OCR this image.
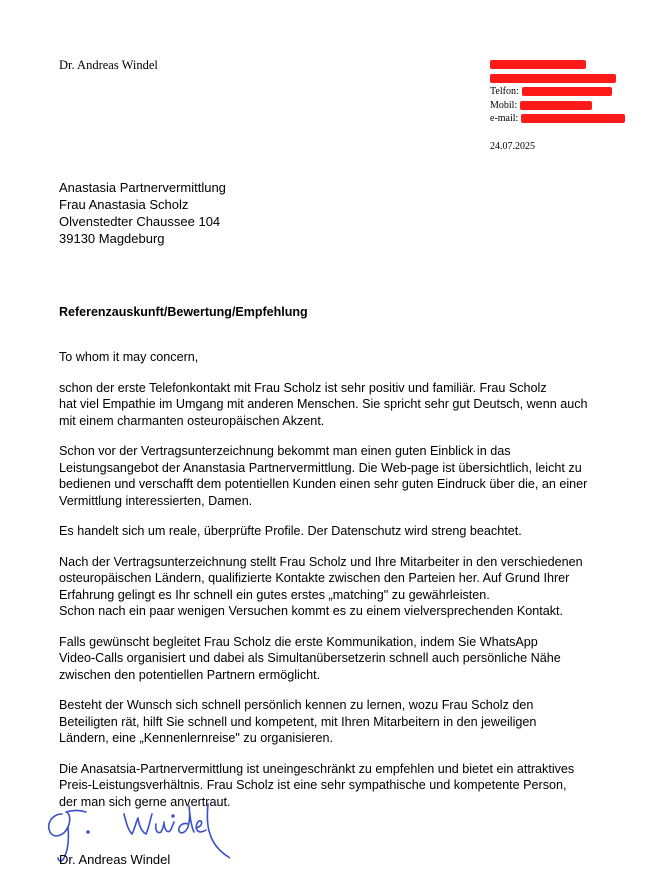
Dr. Andreas Windel
Telfon:
Mobil:
e-mail:
24.07.2025
Anastasia Partnervermittlung
Frau Anastasia Scholz
Olvenstedter Chaussee 104
39130 Magdeburg
Referenzauskunft/Bewertung/Empfehlung

To whom it may concern,

schon der erste Telefonkontakt mit Frau Scholz ist sehr positiv und familiär. Frau Scholz

hat viel Empathie im Umgang mit anderen Menschen. Sie spricht sehr gut Deutsch, wenn auch

mit einem charmanten osteuropäischen Akzent.

Schon vor der Vertragsunterzeichnung bekommt man einen guten Einblick in das

Leistungsangebot der Ananstasia Partnervermittlung. Die Web-page ist übersichtlich, leicht zu

bedienen und verschafft dem potentiellen Kunden einen sehr guten Eindruck über die, an einer

Vermittlung interessierten, Damen.

Es handelt sich um reale, überprüfte Profile. Der Datenschutz wird streng beachtet.

Nach der Vertragsunterzeichnung stellt Frau Scholz und Ihre Mitarbeiter in den verschiedenen

osteuropäischen Ländern, qualifizierte Kontakte zwischen den Parteien her. Auf Grund Ihrer

Erfahrung gelingt es Ihr schnell ein gutes erstes „matching" zu gewährleisten.

Schon nach ein paar wenigen Versuchen kommt es zu einem vielversprechenden Kontakt.

Falls gewünscht begleitet Frau Scholz die erste Kommunikation, indem Sie WhatsApp

Video-Calls organisiert und dabei als Simultanübersetzerin schnell auch persönliche Nähe

zwischen den potentiellen Partnern ermöglicht.

Besteht der Wunsch sich schnell persönlich kennen zu lernen, wozu Frau Scholz den

Beteiligten rät, hilft Sie schnell und kompetent, mit Ihren Mitarbeitern in den jeweiligen

Ländern, eine „Kennenlernreise" zu organisieren.

Die Anasatsia-Partnervermittlung ist uneingeschränkt zu empfehlen und bietet ein attraktives

Preis-Leistungsverhältnis. Frau Scholz ist eine sehr sympathische und kompetente Person,

der man sich gerne anvertraut.

Dr. Andreas Windel
